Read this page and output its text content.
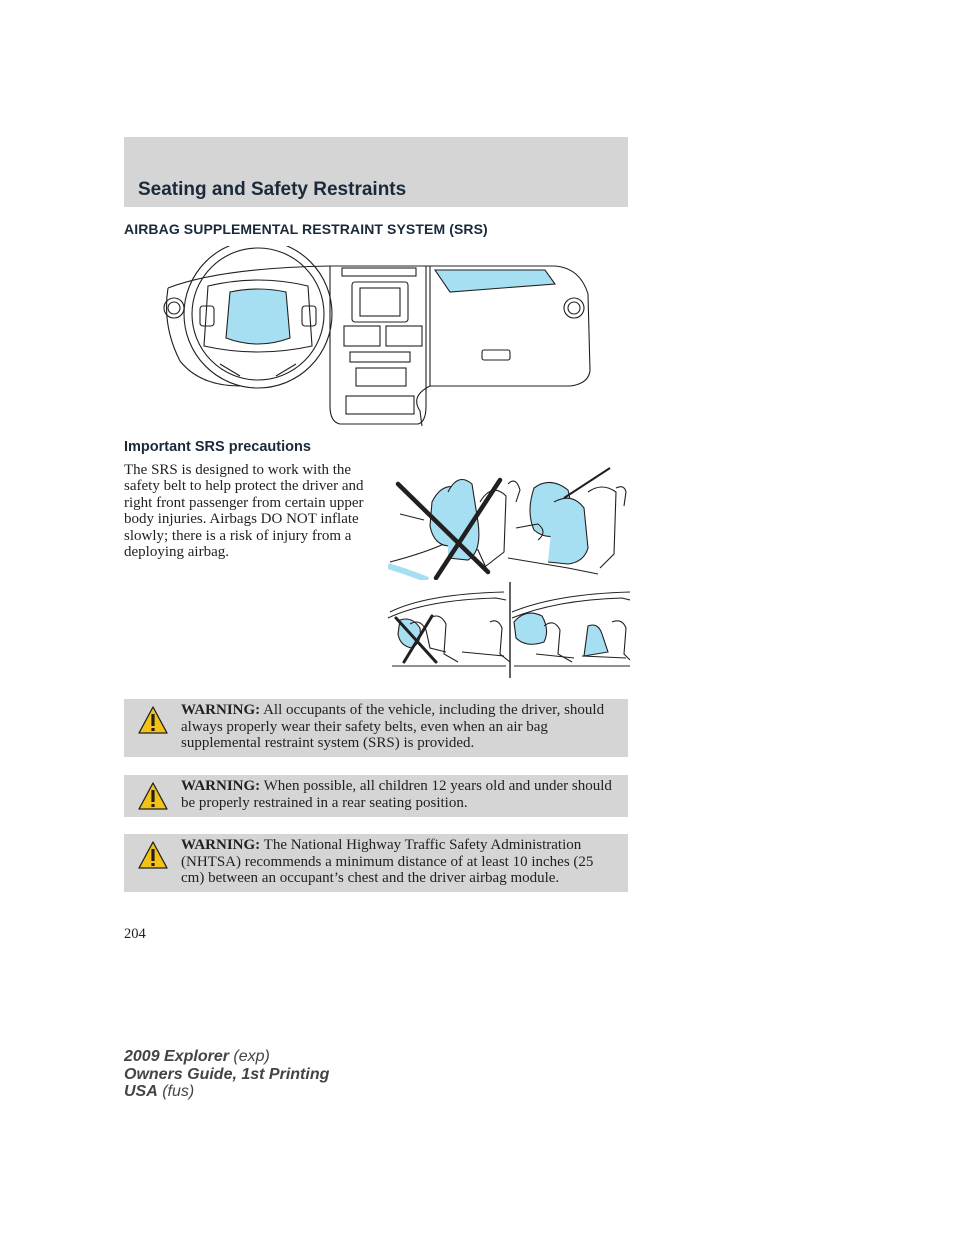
Seating and Safety Restraints
AIRBAG SUPPLEMENTAL RESTRAINT SYSTEM (SRS)
Important SRS precautions

The SRS is designed to work with the safety belt to help protect the driver and right front passenger from certain upper body injuries. Airbags DO NOT inflate slowly; there is a risk of injury from a deploying airbag.

WARNING: All occupants of the vehicle, including the driver, should always properly wear their safety belts, even when an air bag supplemental restraint system (SRS) is provided.
WARNING: When possible, all children 12 years old and under should be properly restrained in a rear seating position.
WARNING: The National Highway Traffic Safety Administration (NHTSA) recommends a minimum distance of at least 10 inches (25 cm) between an occupant’s chest and the driver airbag module.
204
2009 Explorer (exp)
Owners Guide, 1st Printing
USA (fus)
